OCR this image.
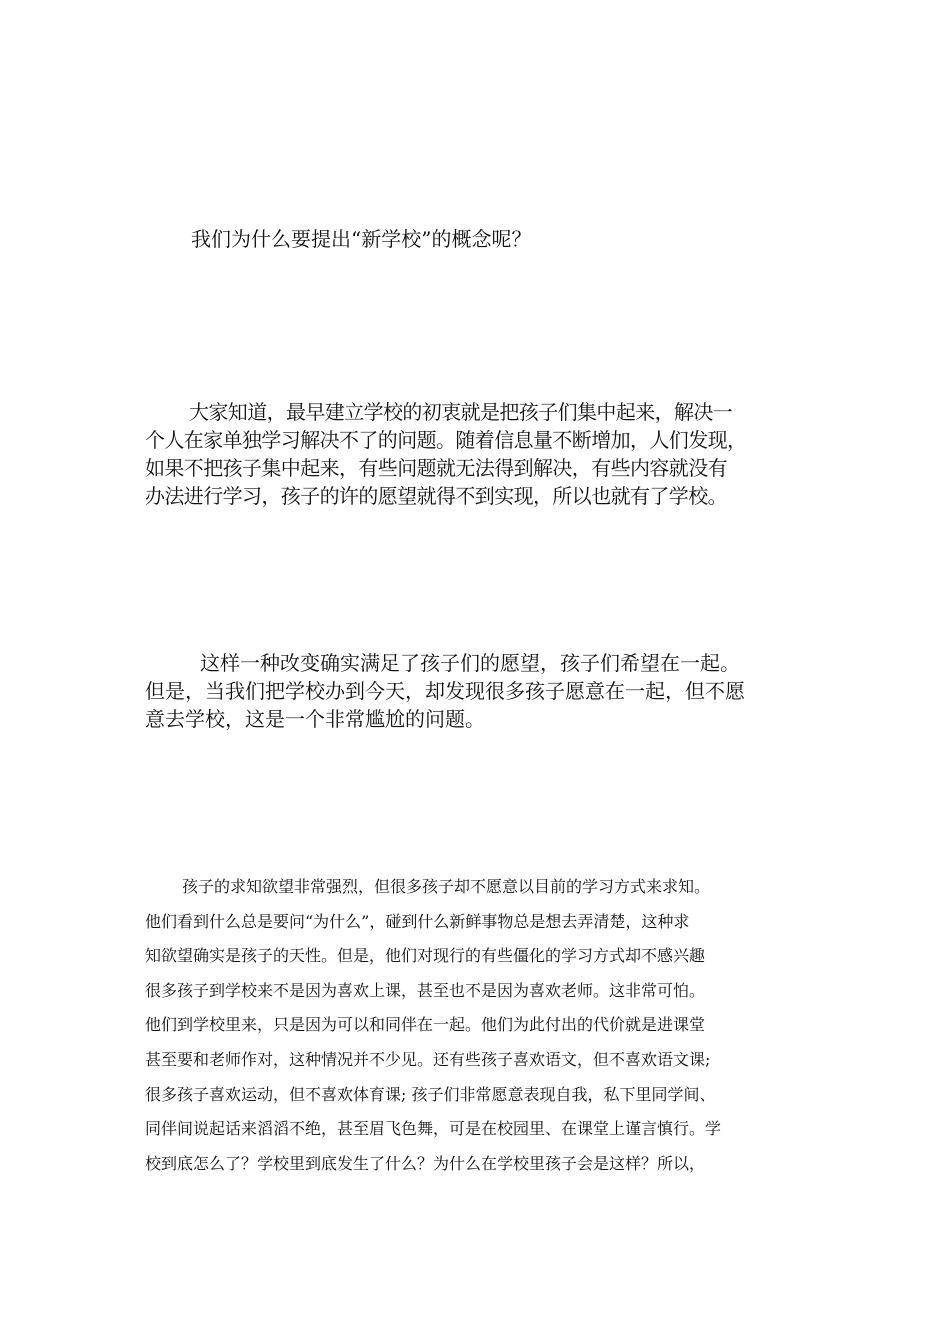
我们为什么要提出“新学校”的概念呢？

大家知道，最早建立学校的初衷就是把孩子们集中起来，解决一
个人在家单独学习解决不了的问题。随着信息量不断增加，人们发现，
如果不把孩子集中起来，有些问题就无法得到解决，有些内容就没有
办法进行学习，孩子的许的愿望就得不到实现，所以也就有了学校。

这样一种改变确实满足了孩子们的愿望，孩子们希望在一起。
但是，当我们把学校办到今天，却发现很多孩子愿意在一起，但不愿
意去学校，这是一个非常尴尬的问题。

孩子的求知欲望非常强烈，但很多孩子却不愿意以目前的学习方式来求知。
他们看到什么总是要问“为什么”，碰到什么新鲜事物总是想去弄清楚，这种求
知欲望确实是孩子的天性。但是，他们对现行的有些僵化的学习方式却不感兴趣
很多孩子到学校来不是因为喜欢上课，甚至也不是因为喜欢老师。这非常可怕。
他们到学校里来，只是因为可以和同伴在一起。他们为此付出的代价就是进课堂
甚至要和老师作对，这种情况并不少见。还有些孩子喜欢语文，但不喜欢语文课;
很多孩子喜欢运动，但不喜欢体育课; 孩子们非常愿意表现自我，私下里同学间、
同伴间说起话来滔滔不绝，甚至眉飞色舞，可是在校园里、在课堂上谨言慎行。学
校到底怎么了？学校里到底发生了什么？为什么在学校里孩子会是这样？所以，
